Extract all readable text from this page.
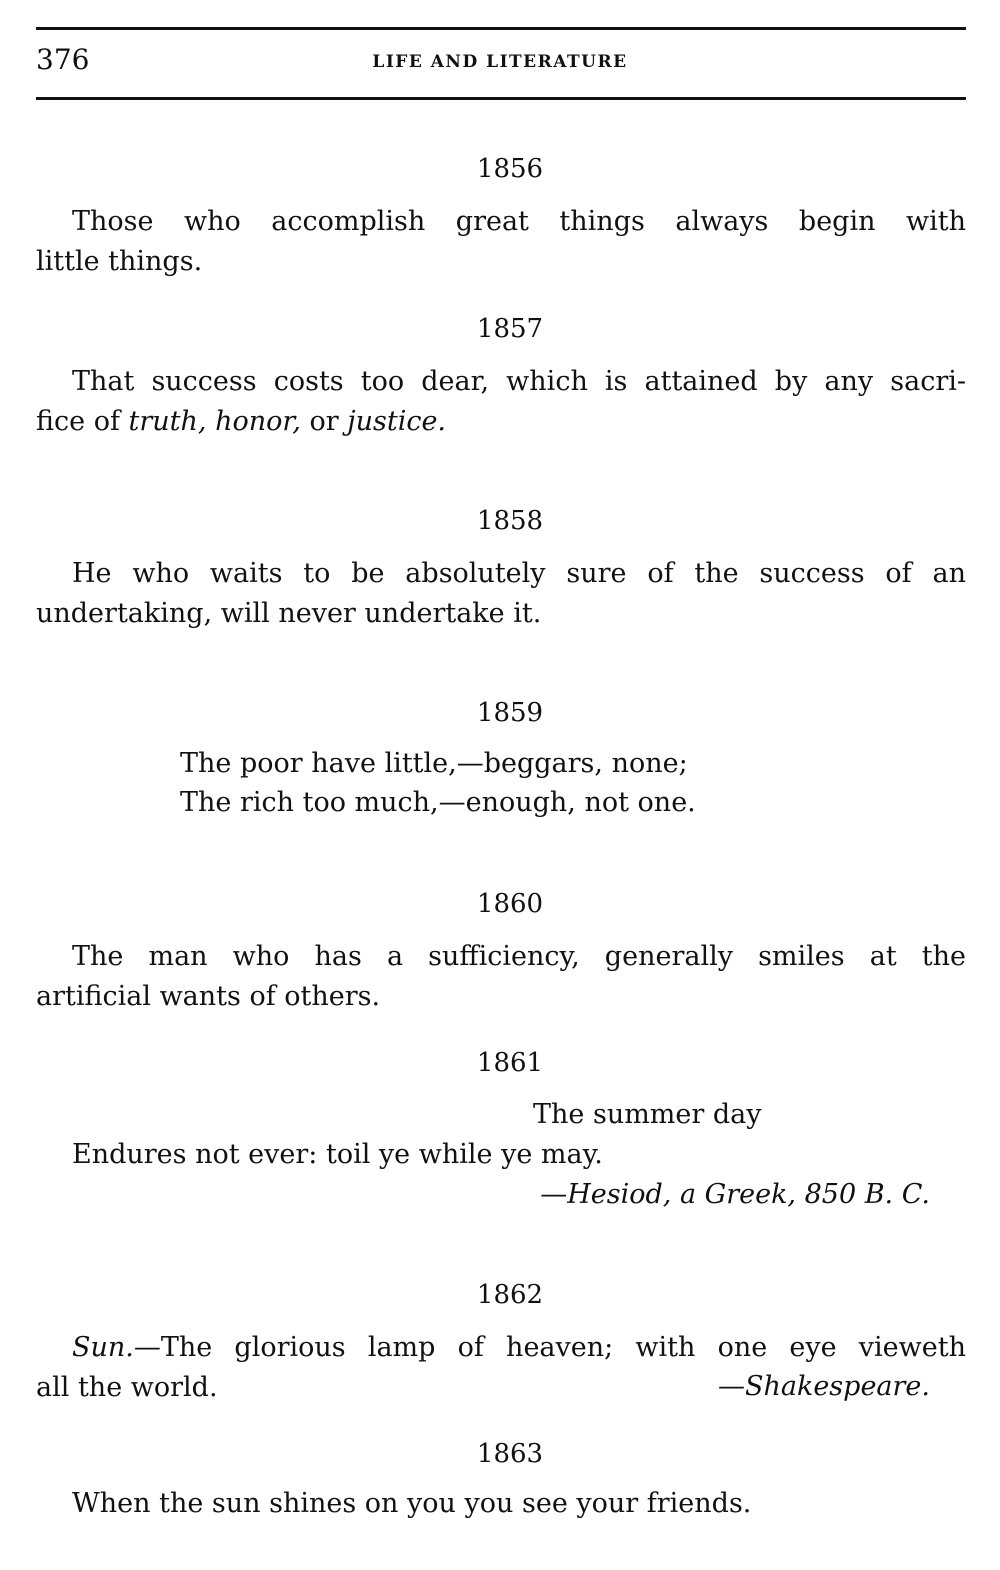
376	LIFE AND LITERATURE
1856
Those who accomplish great things always begin with
little things.
1857
That success costs too dear, which is attained by any sacri-
fice of truth, honor, or justice.
1858
He who waits to be absolutely sure of the success of an
undertaking, will never undertake it.
1859
The poor have little,—beggars, none;
The rich too much,—enough, not one.
1860
The man who has a sufficiency, generally smiles at the
artificial wants of others.
1861
The summer day
Endures not ever: toil ye while ye may.
—Hesiod, a Greek, 850 B. C.
1862
Sun.—The glorious lamp of heaven; with one eye vieweth
all the world.	—Shakespeare.
1863
When the sun shines on you you see your friends.
